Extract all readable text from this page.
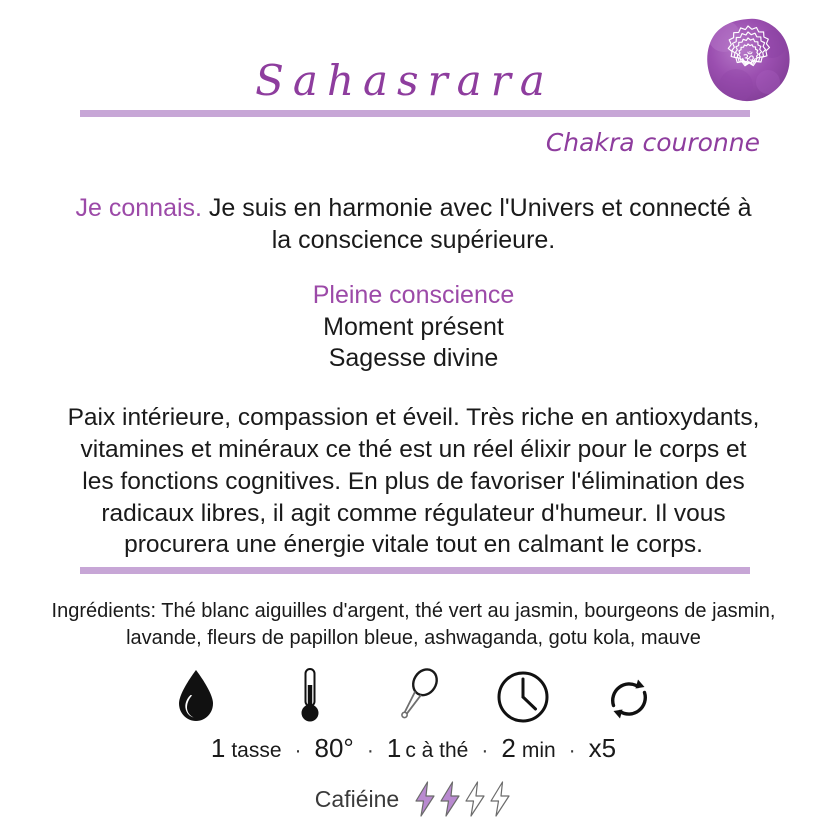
ॐ
Sahasrara
Chakra couronne
Je connais. Je suis en harmonie avec l'Univers et connecté à la conscience supérieure.
Pleine conscience
Moment présent
Sagesse divine
Paix intérieure, compassion et éveil. Très riche en antioxydants, vitamines et minéraux ce thé est un réel élixir pour le corps et les fonctions cognitives. En plus de favoriser l'élimination des radicaux libres, il agit comme régulateur d'humeur. Il vous procurera une énergie vitale tout en calmant le corps.
Ingrédients: Thé blanc aiguilles d'argent, thé vert au jasmin, bourgeons de jasmin, lavande, fleurs de papillon bleue, ashwaganda, gotu kola, mauve
1 tasse · 80° · 1 c à thé · 2 min · x5
Cafiéine
